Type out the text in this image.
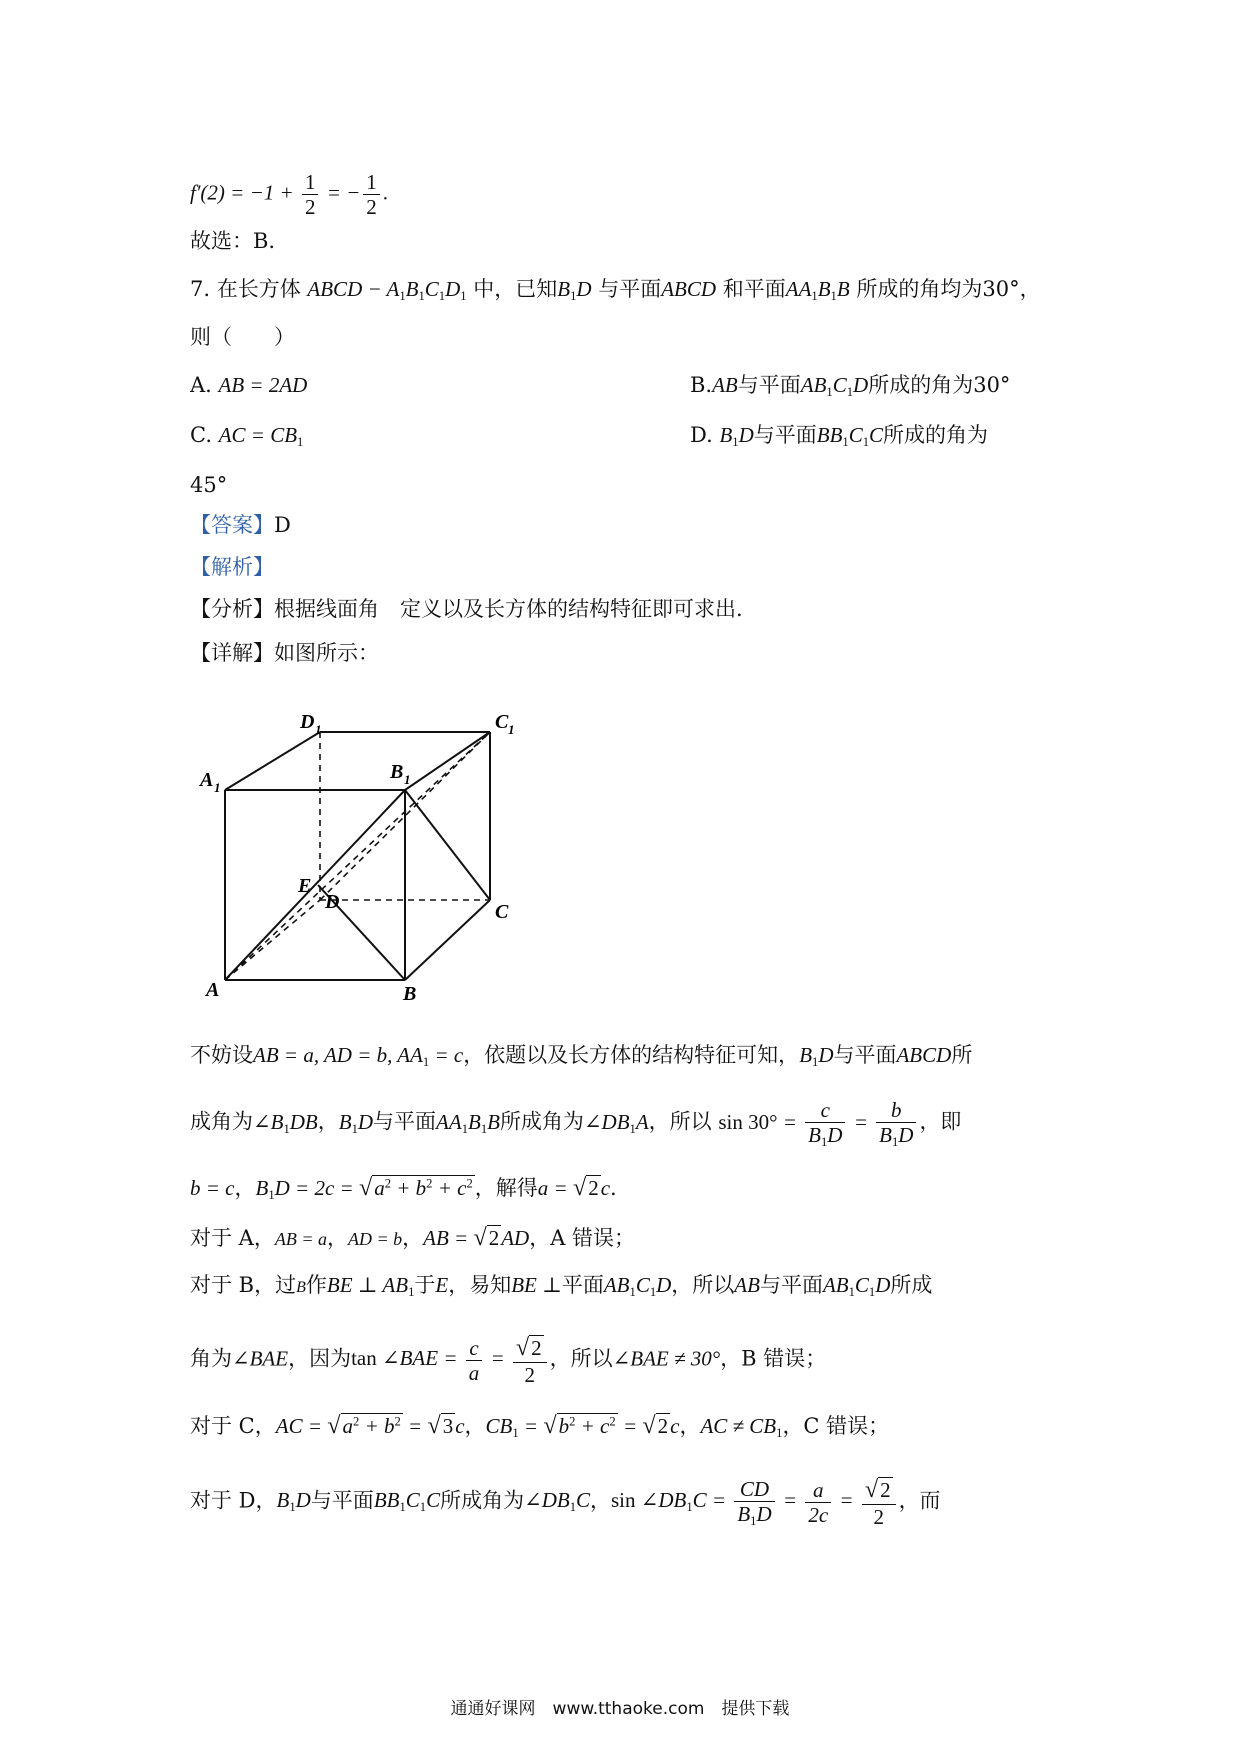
$f'(2) = -1 + \frac{1}{2}$ = − $\frac{1}{2}$ .
故选：B.
7. 在长方体 ABCD − $A_1B_1C_1D_1$ 中，已知$B_1D$ 与平面ABCD 和平面$AA_1B_1B$ 所成的角均为30°，
则（　　）
A. AB = 2AD	B.AB与平面$AB_1C_1D$所成的角为30°
C. AC = $CB_1$	D. $B_1D$与平面$BB_1C_1C$所成的角为
45°
【答案】D
【解析】
【分析】根据线面角　定义以及长方体的结构特征即可求出.
【详解】如图所示：
D 1	C 1
A 1
B 1
E
D	C
A	B
不妨设AB = a, AD = b, $AA_1 = c$，依题以及长方体的结构特征可知，$B_1D$与平面ABCD所
成角为$\angle B_1DB$，$B_1D$与平面$AA_1B_1B$所成角为$\angle DB_1A$，所以 $\sin 30^\circ = \frac{c}{B_1D} = \frac{b}{B_1D}$ ，即
b = c，$B_1D = 2c = √a^2 + b^2 + c^2$，解得a = √2c.
对于 A，AB = a，AD = b，AB = √2AD，A 错误；
对于 B，过B作BE ⊥ $AB_1$于E，易知BE ⊥平面$AB_1C_1D$，所以AB与平面$AB_1C_1D$所成
角为∠BAE，因为tan ∠BAE = $\frac{c}{a} = \frac{√2}{2}$ ，所以∠BAE ≠ 30°，B 错误；
对于 C，AC = $√a^2 + b^2 = √3c$，$CB_1 = √b^2 + c^2 = √2c$，AC ≠ $CB_1$，C 错误；
对于 D，$B_1D$与平面$BB_1C_1C$所成角为$\angle DB_1C$，$\sin \angle DB_1C = \frac{CD}{B_1D} = \frac{a}{2c} = \frac{√2}{2}$ ，而
通通好课网　www.tthaoke.com　提供下载
